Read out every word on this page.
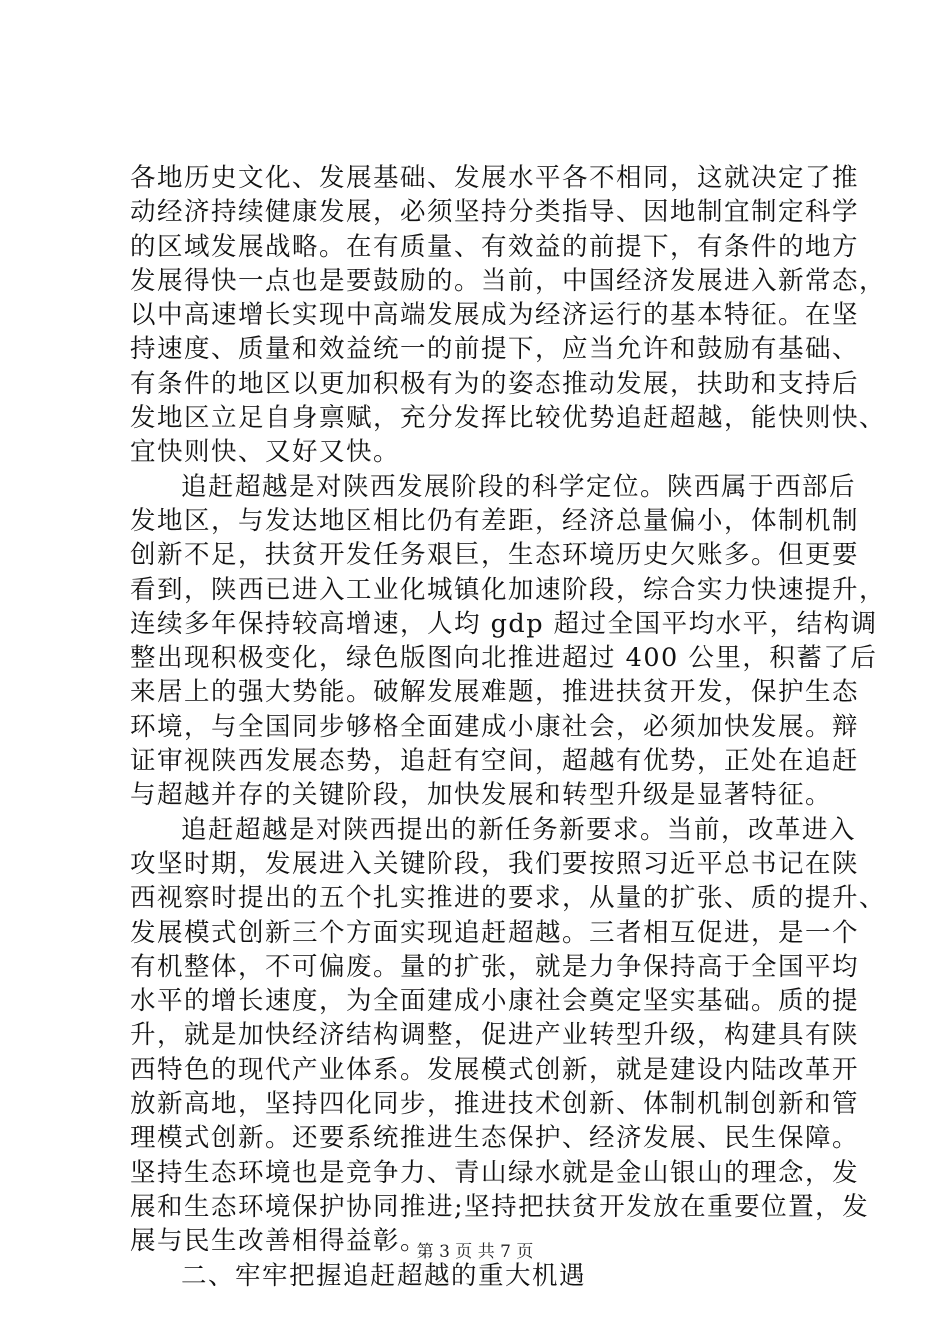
各地历史文化、发展基础、发展水平各不相同，这就决定了推
动经济持续健康发展，必须坚持分类指导、因地制宜制定科学
的区域发展战略。在有质量、有效益的前提下，有条件的地方
发展得快一点也是要鼓励的。当前，中国经济发展进入新常态，
以中高速增长实现中高端发展成为经济运行的基本特征。在坚
持速度、质量和效益统一的前提下，应当允许和鼓励有基础、
有条件的地区以更加积极有为的姿态推动发展，扶助和支持后
发地区立足自身禀赋，充分发挥比较优势追赶超越，能快则快、
宜快则快、又好又快。
追赶超越是对陕西发展阶段的科学定位。陕西属于西部后
发地区，与发达地区相比仍有差距，经济总量偏小，体制机制
创新不足，扶贫开发任务艰巨，生态环境历史欠账多。但更要
看到，陕西已进入工业化城镇化加速阶段，综合实力快速提升，
连续多年保持较高增速，人均 gdp 超过全国平均水平，结构调
整出现积极变化，绿色版图向北推进超过 400 公里，积蓄了后
来居上的强大势能。破解发展难题，推进扶贫开发，保护生态
环境，与全国同步够格全面建成小康社会，必须加快发展。辩
证审视陕西发展态势，追赶有空间，超越有优势，正处在追赶
与超越并存的关键阶段，加快发展和转型升级是显著特征。
追赶超越是对陕西提出的新任务新要求。当前，改革进入
攻坚时期，发展进入关键阶段，我们要按照习近平总书记在陕
西视察时提出的五个扎实推进的要求，从量的扩张、质的提升、
发展模式创新三个方面实现追赶超越。三者相互促进，是一个
有机整体，不可偏废。量的扩张，就是力争保持高于全国平均
水平的增长速度，为全面建成小康社会奠定坚实基础。质的提
升，就是加快经济结构调整，促进产业转型升级，构建具有陕
西特色的现代产业体系。发展模式创新，就是建设内陆改革开
放新高地，坚持四化同步，推进技术创新、体制机制创新和管
理模式创新。还要系统推进生态保护、经济发展、民生保障。
坚持生态环境也是竞争力、青山绿水就是金山银山的理念，发
展和生态环境保护协同推进;坚持把扶贫开发放在重要位置，发
展与民生改善相得益彰。
二、牢牢把握追赶超越的重大机遇
第 3 页 共 7 页
